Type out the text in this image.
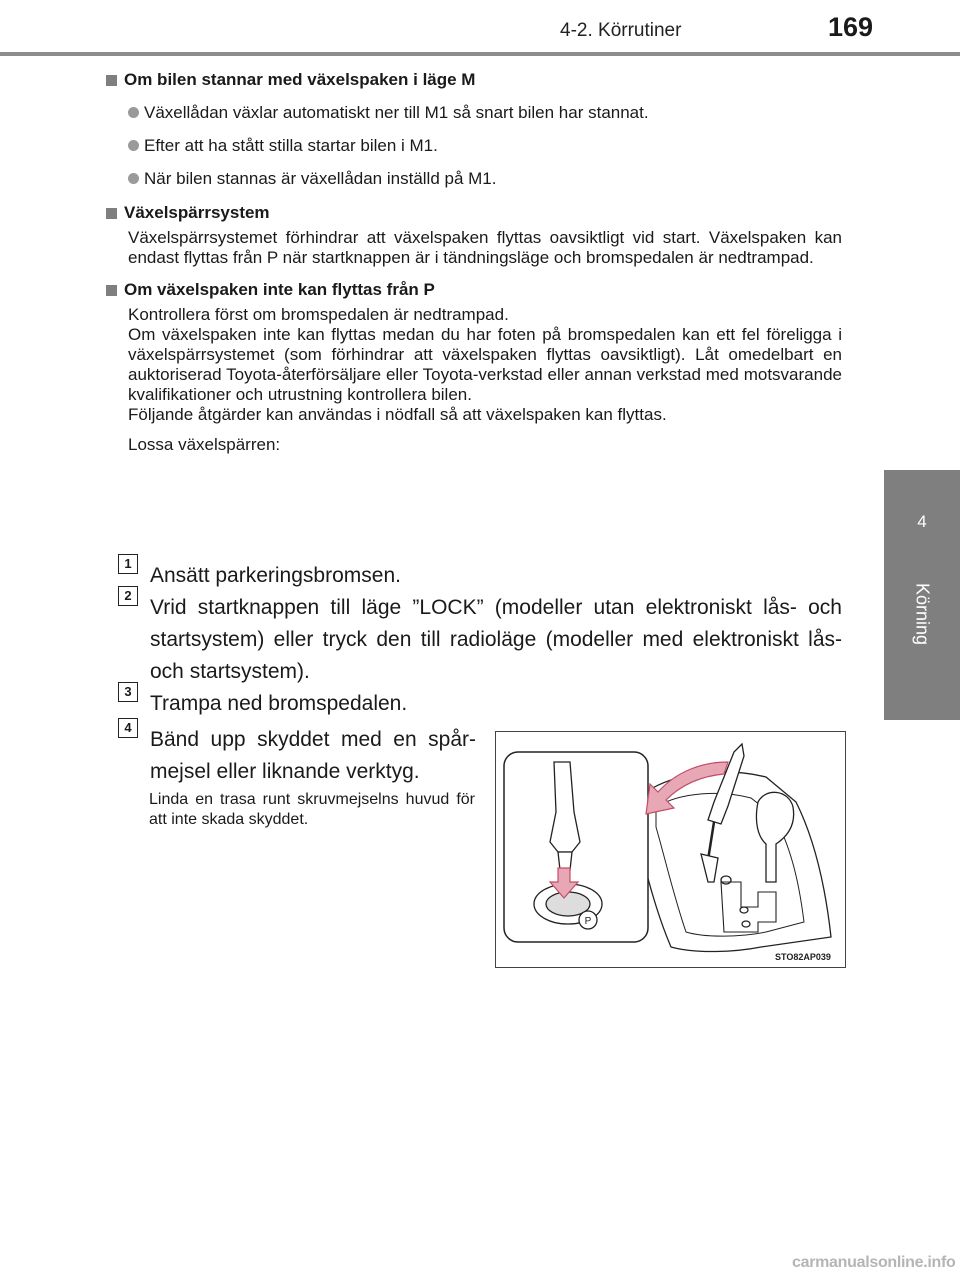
4-2. Körrutiner	169
4
Körning
Om bilen stannar med växelspaken i läge M
Växellådan växlar automatiskt ner till M1 så snart bilen har stannat.
Efter att ha stått stilla startar bilen i M1.
När bilen stannas är växellådan inställd på M1.
Växelspärrsystem
Växelspärrsystemet förhindrar att växelspaken flyttas oavsiktligt vid start. Växelspaken kan endast flyttas från P när startknappen är i tändningsläge och bromspedalen är nedtrampad.
Om växelspaken inte kan flyttas från P
Kontrollera först om bromspedalen är nedtrampad.
Om växelspaken inte kan flyttas medan du har foten på bromspedalen kan ett fel föreligga i växelspärrsystemet (som förhindrar att växelspaken flyttas oavsiktligt). Låt omedelbart en auktoriserad Toyota-återförsäljare eller Toyota-verkstad eller annan verkstad med motsvarande kvalifikationer och utrustning kontrollera bilen.
Följande åtgärder kan användas i nödfall så att växelspaken kan flyttas.
Lossa växelspärren:
1
Ansätt parkeringsbromsen.
2
Vrid startknappen till läge ”LOCK” (modeller utan elektroniskt lås- och startsystem) eller tryck den till radioläge (modeller med elektroniskt lås- och startsystem).
3
Trampa ned bromspedalen.
4
Bänd upp skyddet med en spår-mejsel eller liknande verktyg.
Linda en trasa runt skruvmejselns huvud för att inte skada skyddet.
P
STO82AP039
carmanualsonline.info
